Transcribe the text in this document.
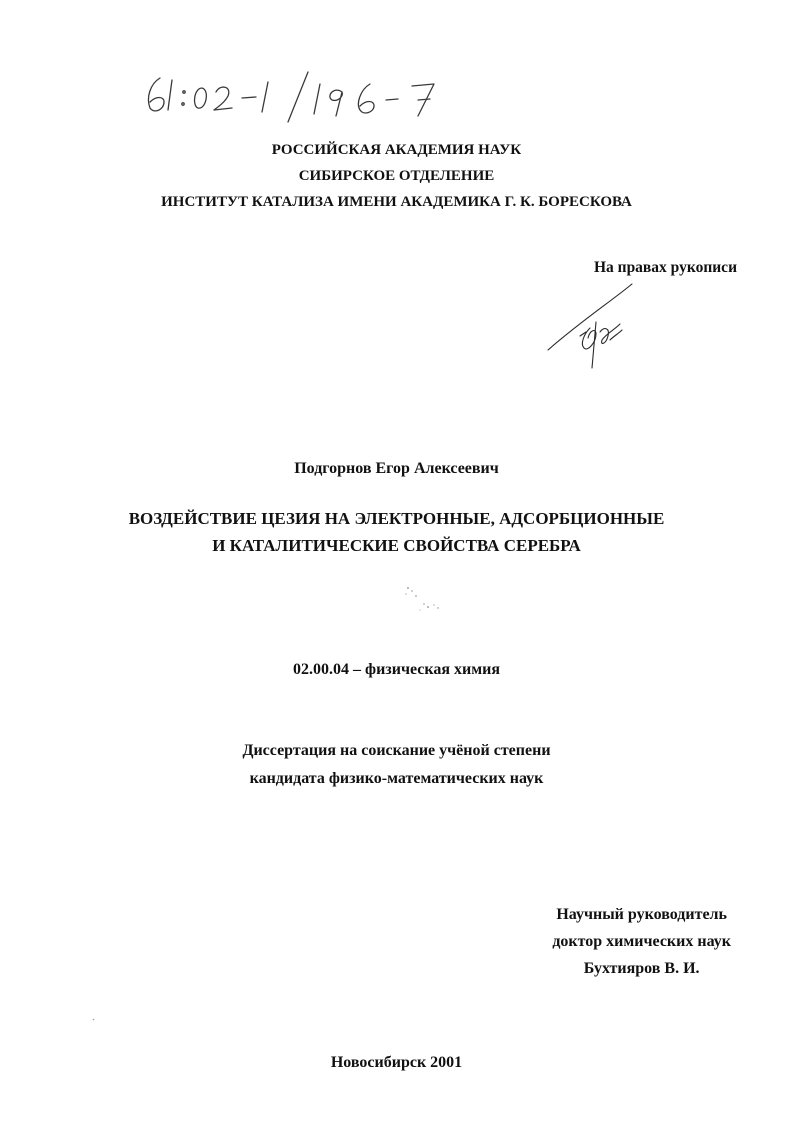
РОССИЙСКАЯ АКАДЕМИЯ НАУК
СИБИРСКОЕ ОТДЕЛЕНИЕ
ИНСТИТУТ КАТАЛИЗА ИМЕНИ АКАДЕМИКА Г. К. БОРЕСКОВА
На правах рукописи
Подгорнов Егор Алексеевич
ВОЗДЕЙСТВИЕ ЦЕЗИЯ НА ЭЛЕКТРОННЫЕ, АДСОРБЦИОННЫЕ
И КАТАЛИТИЧЕСКИЕ СВОЙСТВА СЕРЕБРА
02.00.04 – физическая химия
Диссертация на соискание учёной степени
кандидата физико-математических наук
Научный руководитель
доктор химических наук
Бухтияров В. И.
Новосибирск 2001
